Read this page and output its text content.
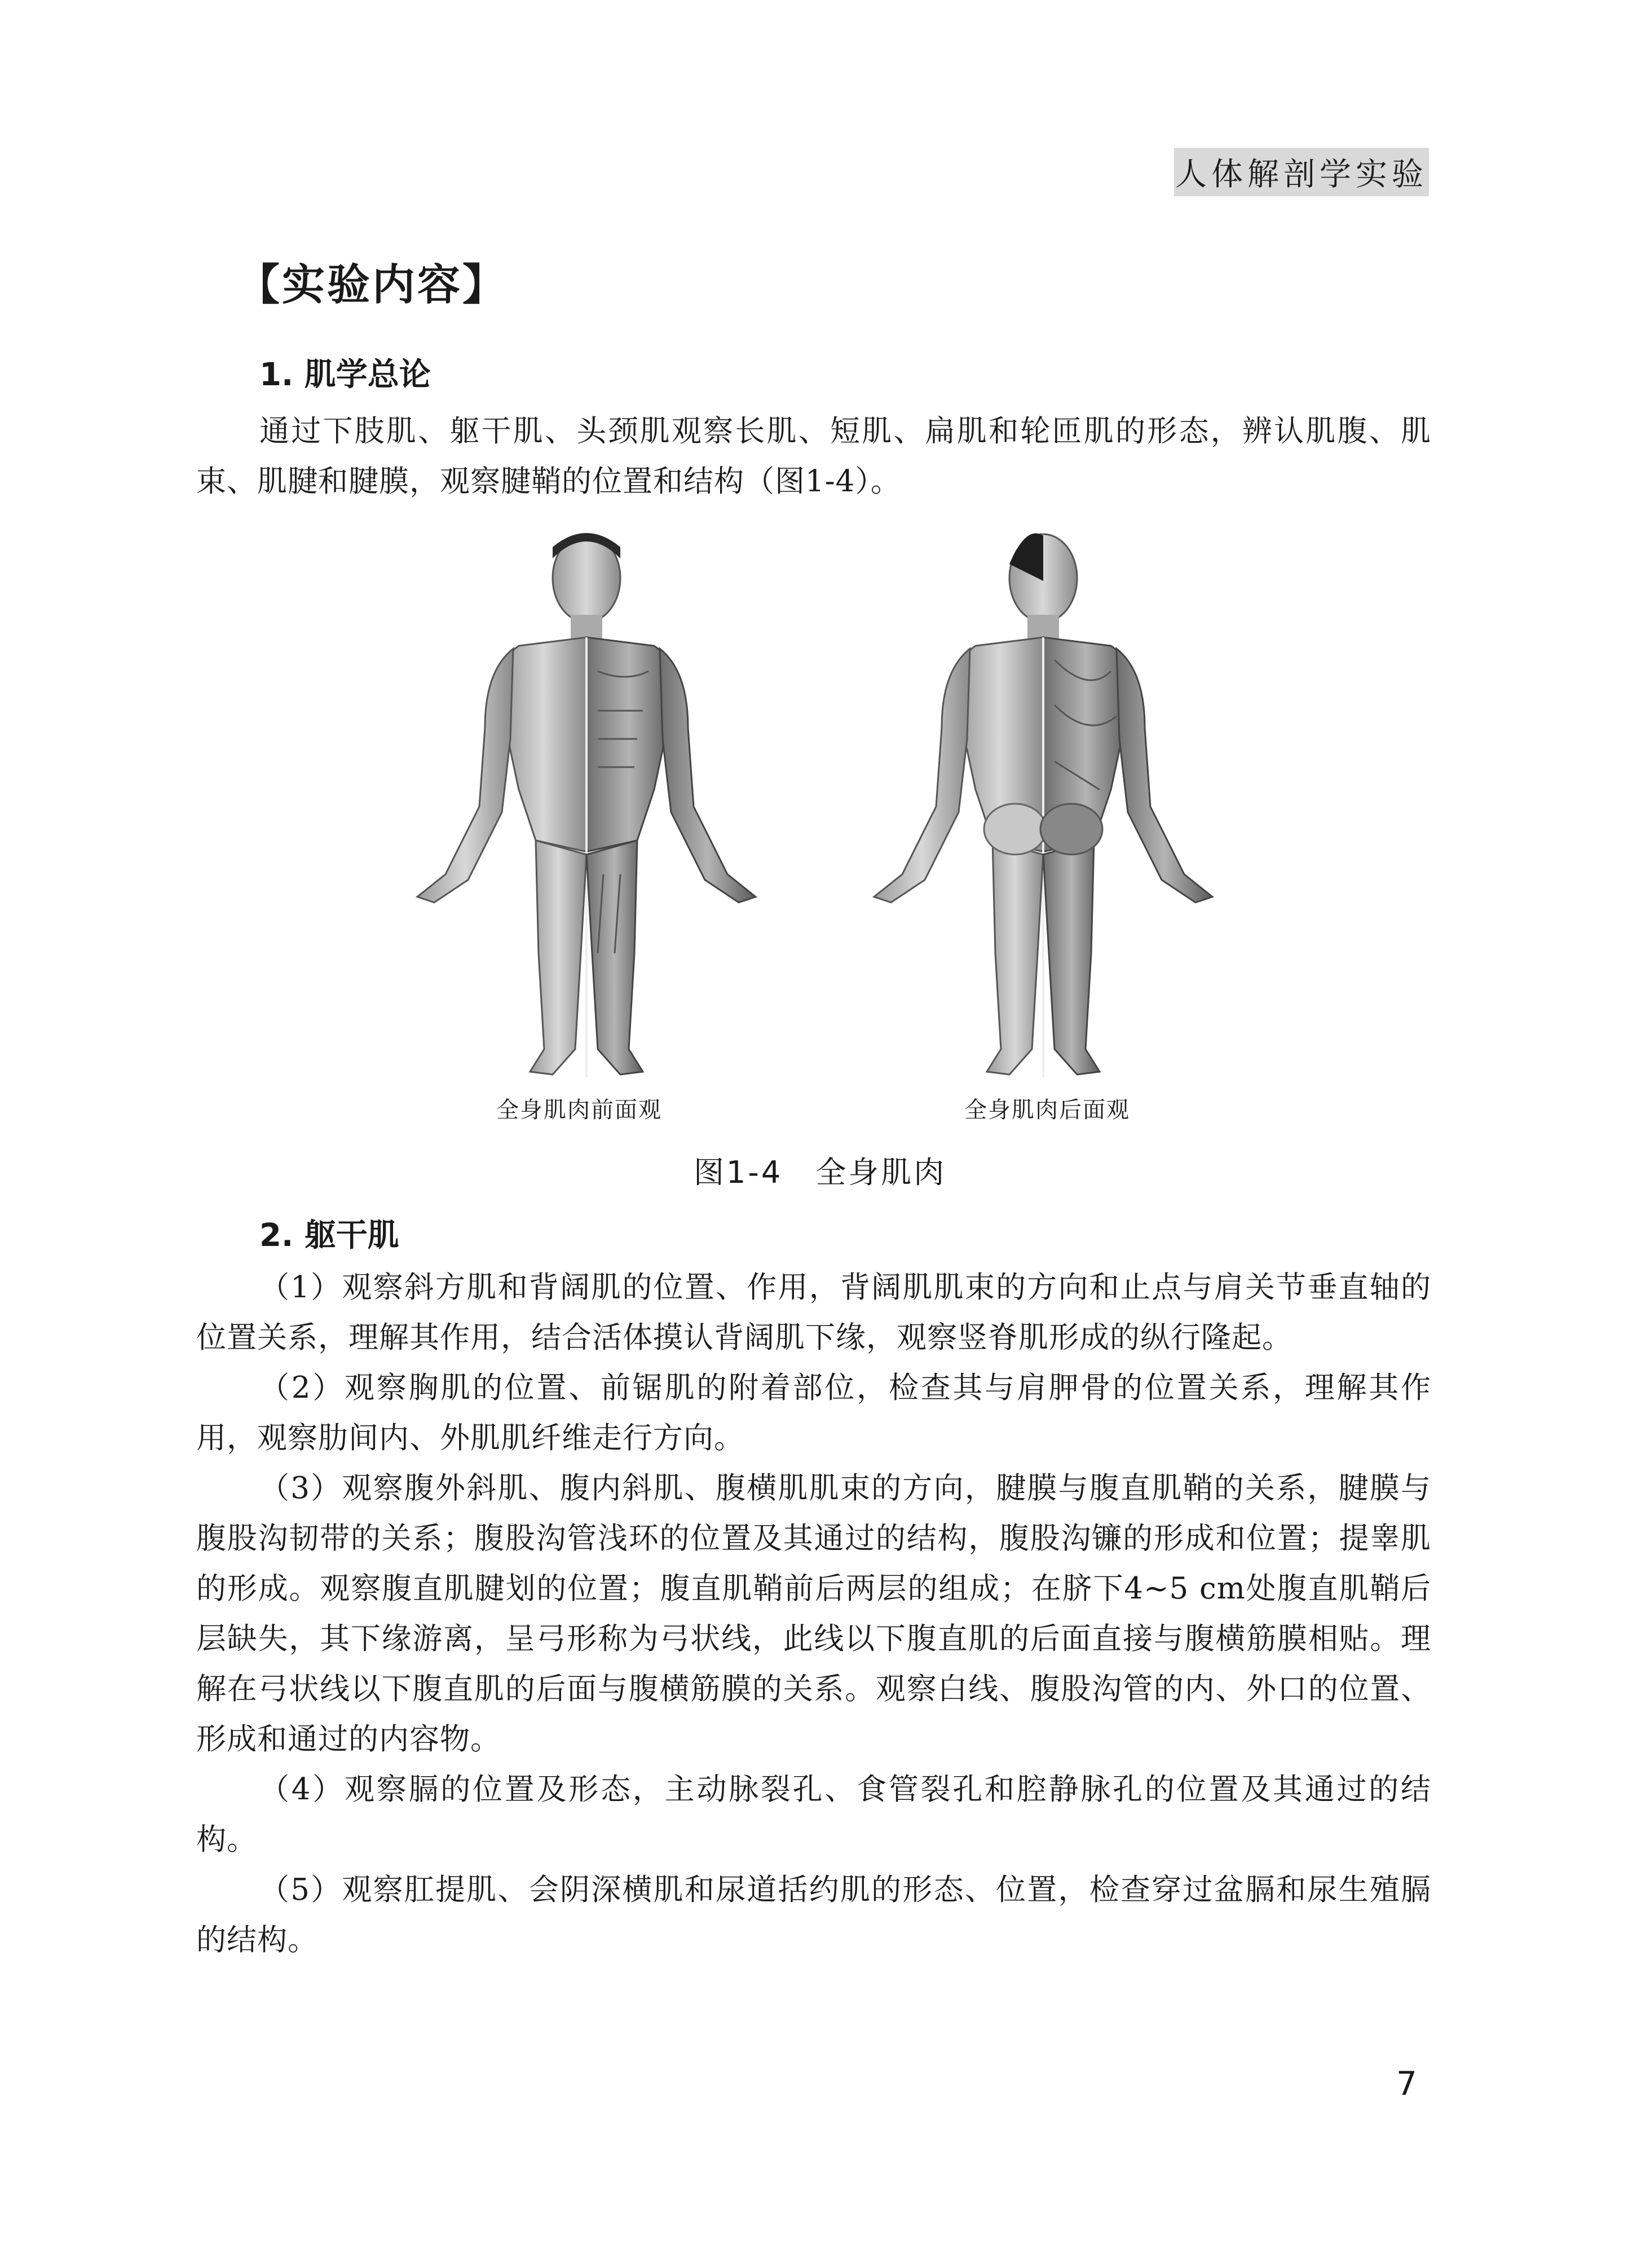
人体解剖学实验
【实验内容】
1. 肌学总论
通过下肢肌、躯干肌、头颈肌观察长肌、短肌、扁肌和轮匝肌的形态，辨认肌腹、肌束、肌腱和腱膜，观察腱鞘的位置和结构（图1-4）。
全身肌肉前面观	全身肌肉后面观
图1-4　全身肌肉
2. 躯干肌
（1）观察斜方肌和背阔肌的位置、作用，背阔肌肌束的方向和止点与肩关节垂直轴的位置关系，理解其作用，结合活体摸认背阔肌下缘，观察竖脊肌形成的纵行隆起。
（2）观察胸肌的位置、前锯肌的附着部位，检查其与肩胛骨的位置关系，理解其作用，观察肋间内、外肌肌纤维走行方向。
（3）观察腹外斜肌、腹内斜肌、腹横肌肌束的方向，腱膜与腹直肌鞘的关系，腱膜与腹股沟韧带的关系；腹股沟管浅环的位置及其通过的结构，腹股沟镰的形成和位置；提睾肌的形成。观察腹直肌腱划的位置；腹直肌鞘前后两层的组成；在脐下4~5 cm处腹直肌鞘后层缺失，其下缘游离，呈弓形称为弓状线，此线以下腹直肌的后面直接与腹横筋膜相贴。理解在弓状线以下腹直肌的后面与腹横筋膜的关系。观察白线、腹股沟管的内、外口的位置、形成和通过的内容物。
（4）观察膈的位置及形态，主动脉裂孔、食管裂孔和腔静脉孔的位置及其通过的结构。
（5）观察肛提肌、会阴深横肌和尿道括约肌的形态、位置，检查穿过盆膈和尿生殖膈的结构。
7
